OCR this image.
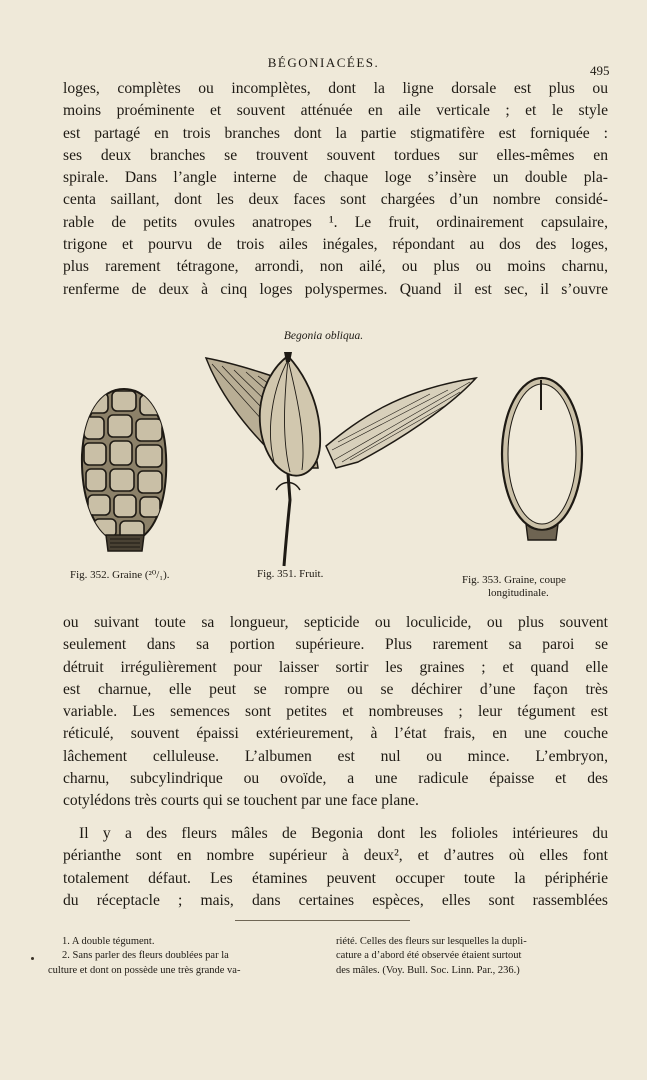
BÉGONIACÉES.
495
loges, complètes ou incomplètes, dont la ligne dorsale est plus ou
moins proéminente et souvent atténuée en aile verticale ; et le style
est partagé en trois branches dont la partie stigmatifère est forniquée :
ses deux branches se trouvent souvent tordues sur elles-mêmes en
spirale. Dans l’angle interne de chaque loge s’insère un double pla-
centa saillant, dont les deux faces sont chargées d’un nombre considé-
rable de petits ovules anatropes ¹. Le fruit, ordinairement capsulaire,
trigone et pourvu de trois ailes inégales, répondant au dos des loges,
plus rarement tétragone, arrondi, non ailé, ou plus ou moins charnu,
renferme de deux à cinq loges polyspermes. Quand il est sec, il s’ouvre
Begonia obliqua.
Fig. 352. Graine (²⁰/₁).	Fig. 351. Fruit.	Fig. 353. Graine, coupe
longitudinale.
ou suivant toute sa longueur, septicide ou loculicide, ou plus souvent
seulement dans sa portion supérieure. Plus rarement sa paroi se
détruit irrégulièrement pour laisser sortir les graines ; et quand elle
est charnue, elle peut se rompre ou se déchirer d’une façon très
variable. Les semences sont petites et nombreuses ; leur tégument est
réticulé, souvent épaissi extérieurement, à l’état frais, en une couche
lâchement celluleuse. L’albumen est nul ou mince. L’embryon,
charnu, subcylindrique ou ovoïde, a une radicule épaisse et des
cotylédons très courts qui se touchent par une face plane.
Il y a des fleurs mâles de Begonia dont les folioles intérieures du
périanthe sont en nombre supérieur à deux², et d’autres où elles font
totalement défaut. Les étamines peuvent occuper toute la périphérie
du réceptacle ; mais, dans certaines espèces, elles sont rassemblées
1. A double tégument.
2. Sans parler des fleurs doublées par la
culture et dont on possède une très grande va-
riété. Celles des fleurs sur lesquelles la dupli-
cature a d’abord été observée étaient surtout
des mâles. (Voy. Bull. Soc. Linn. Par., 236.)
